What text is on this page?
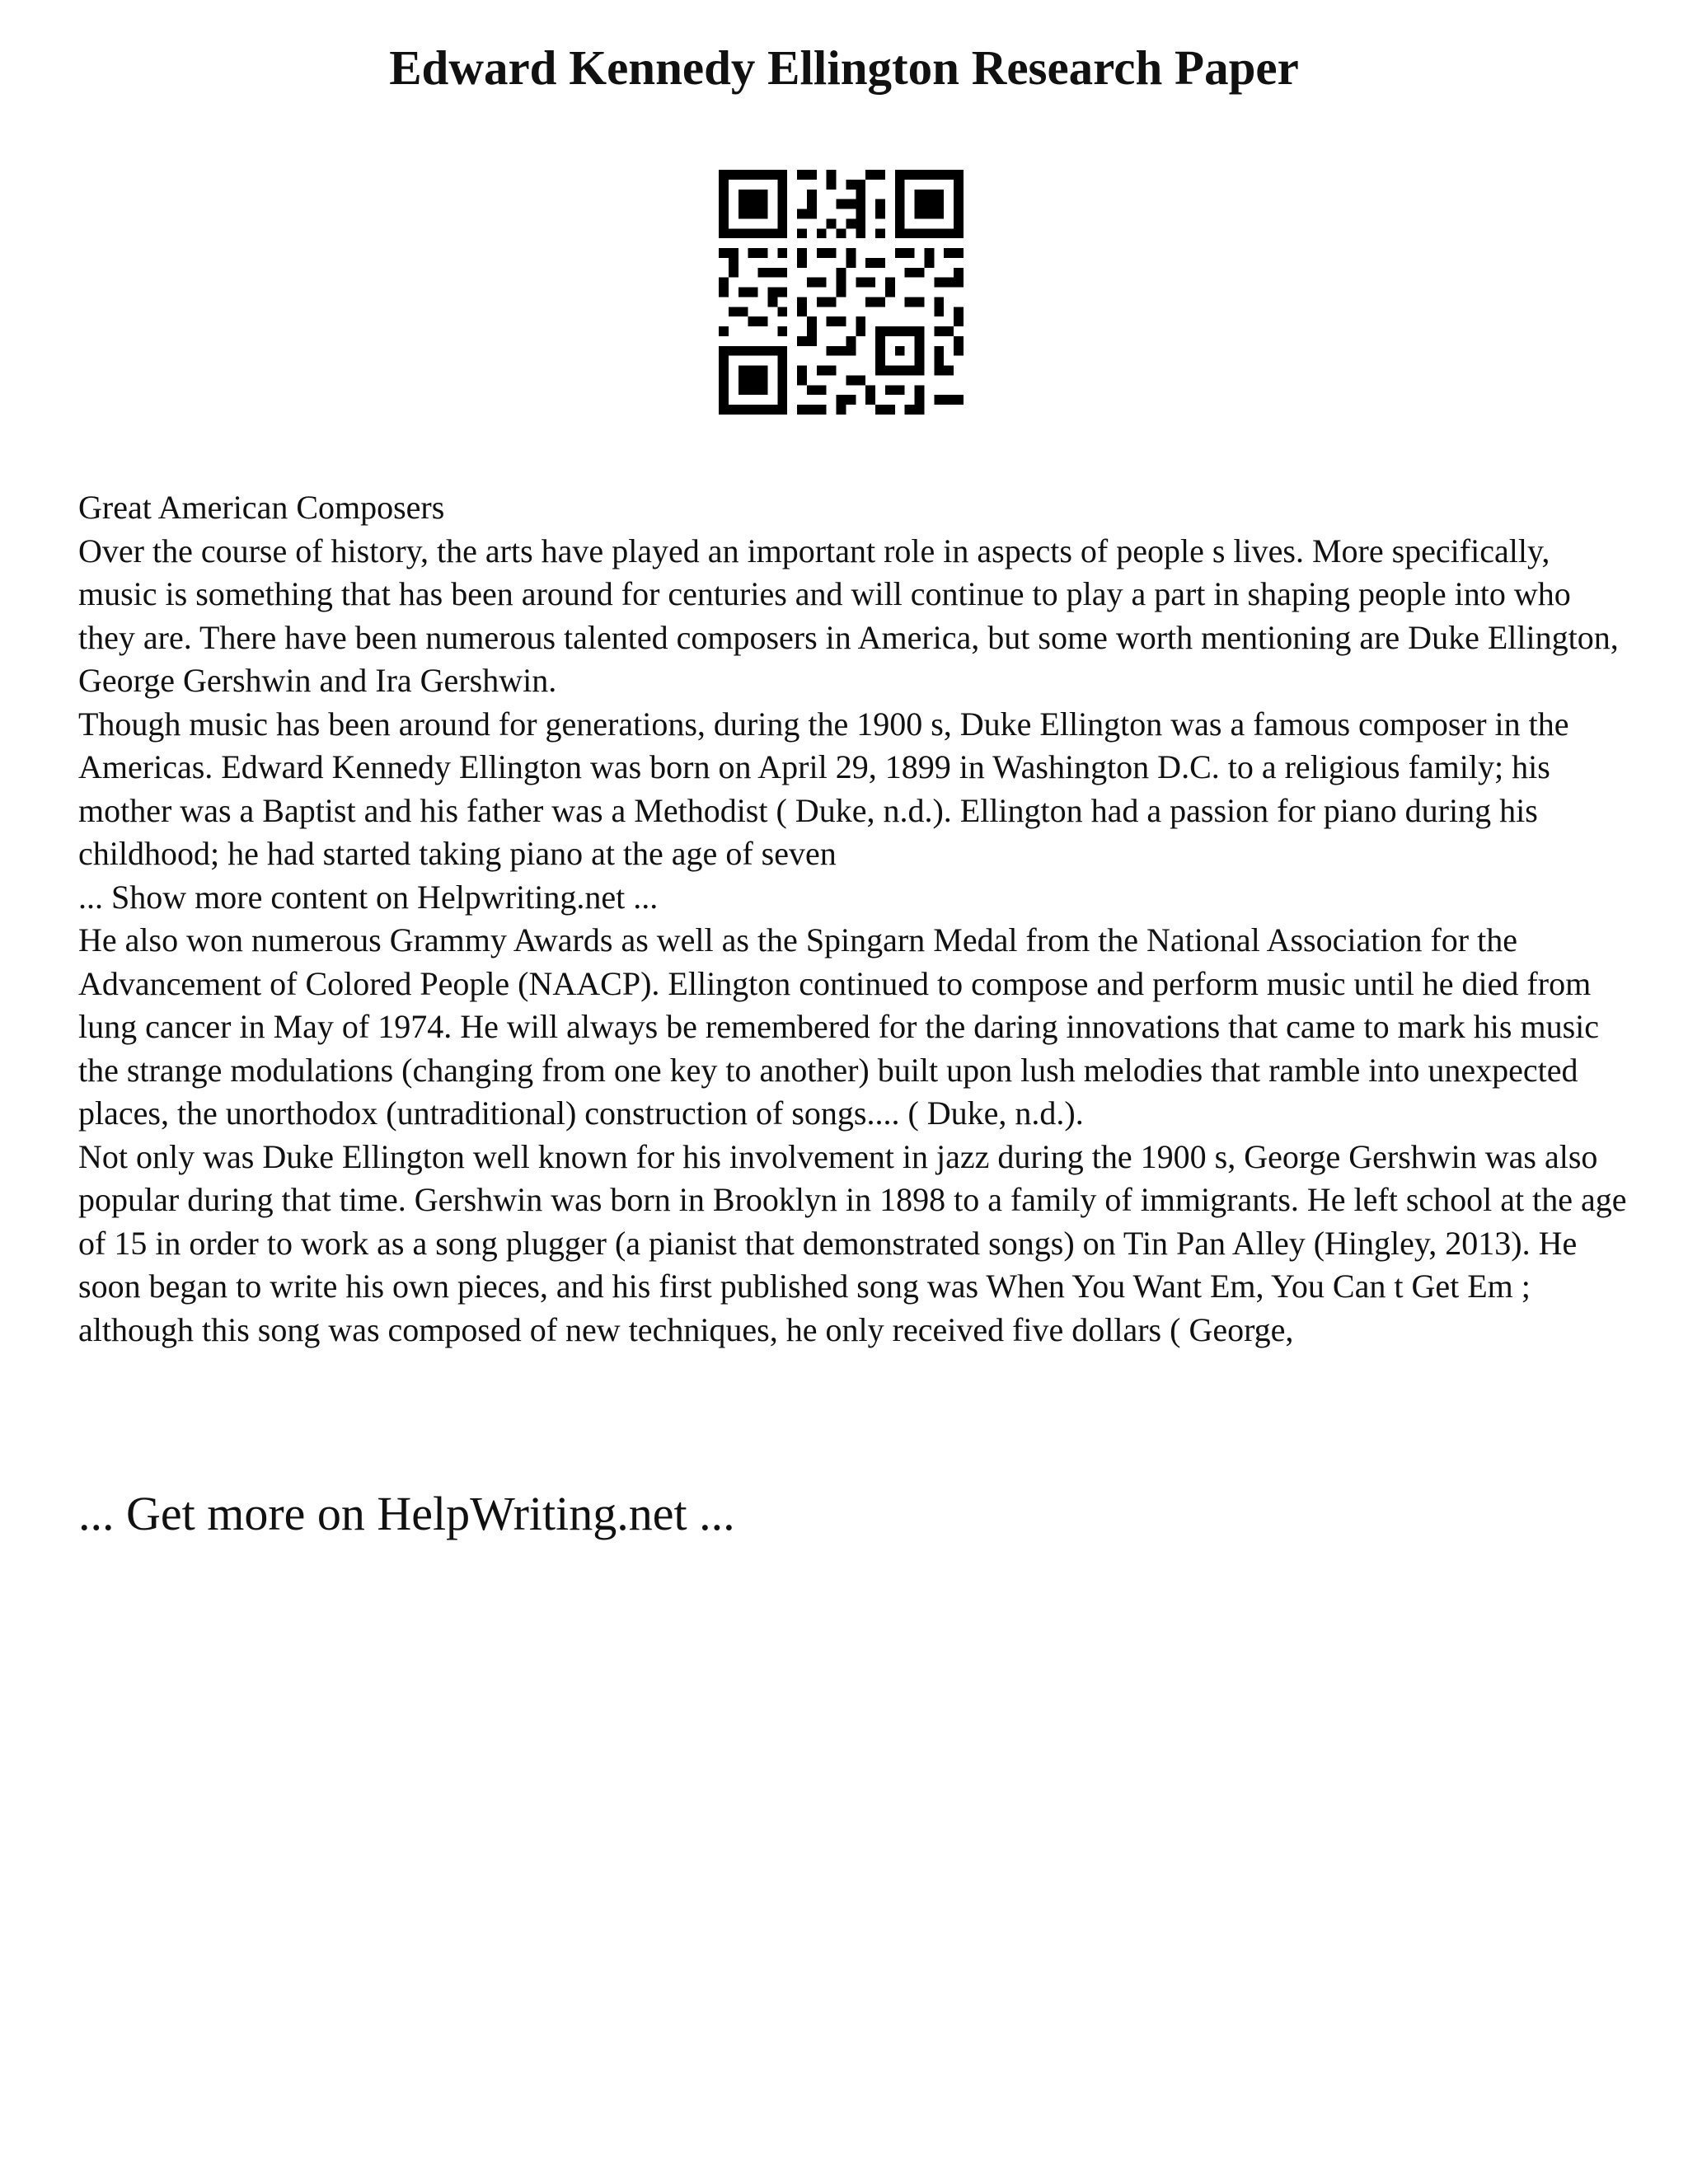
Edward Kennedy Ellington Research Paper

Great American Composers

Over the course of history, the arts have played an important role in aspects of people s lives. More specifically, music is something that has been around for centuries and will continue to play a part in shaping people into who they are. There have been numerous talented composers in America, but some worth mentioning are Duke Ellington, George Gershwin and Ira Gershwin.

Though music has been around for generations, during the 1900 s, Duke Ellington was a famous composer in the Americas. Edward Kennedy Ellington was born on April 29, 1899 in Washington D.C. to a religious family; his mother was a Baptist and his father was a Methodist ( Duke, n.d.). Ellington had a passion for piano during his childhood; he had started taking piano at the age of seven

... Show more content on Helpwriting.net ...

He also won numerous Grammy Awards as well as the Spingarn Medal from the National Association for the Advancement of Colored People (NAACP). Ellington continued to compose and perform music until he died from lung cancer in May of 1974. He will always be remembered for the daring innovations that came to mark his music the strange modulations (changing from one key to another) built upon lush melodies that ramble into unexpected places, the unorthodox (untraditional) construction of songs.... ( Duke, n.d.).

Not only was Duke Ellington well known for his involvement in jazz during the 1900 s, George Gershwin was also popular during that time. Gershwin was born in Brooklyn in 1898 to a family of immigrants. He left school at the age of 15 in order to work as a song plugger (a pianist that demonstrated songs) on Tin Pan Alley (Hingley, 2013). He soon began to write his own pieces, and his first published song was When You Want Em, You Can t Get Em ; although this song was composed of new techniques, he only received five dollars ( George,

... Get more on HelpWriting.net ...
